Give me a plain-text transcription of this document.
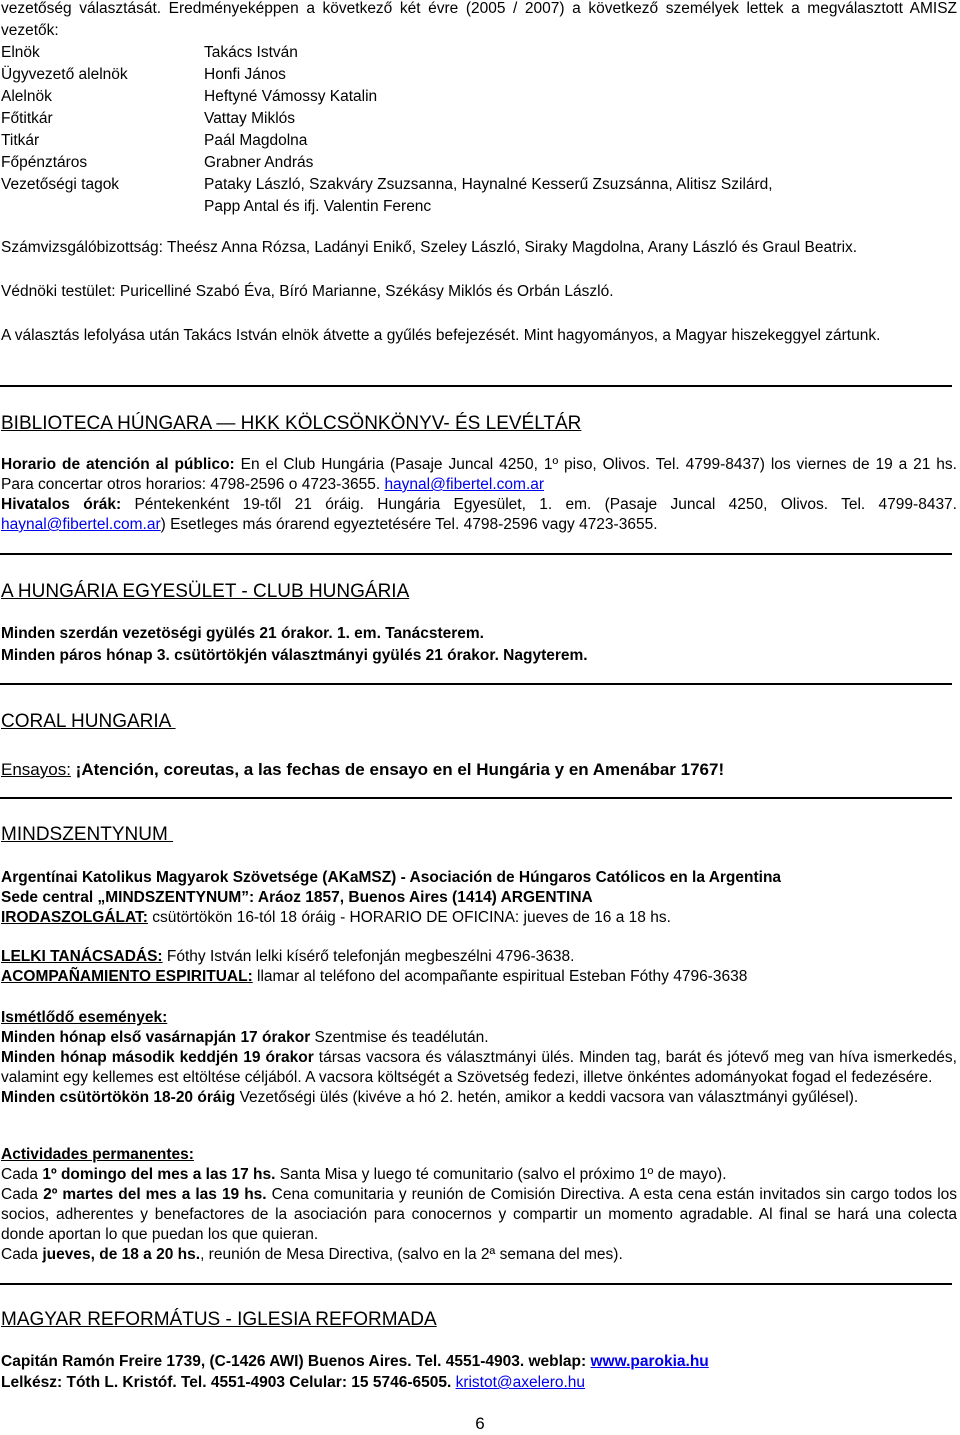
vezetőség választását. Eredményeképpen a következő két évre (2005 / 2007) a következő személyek lettek a megválasztott AMISZ vezetők:
Elnök	Takács István
Ügyvezető alelnök	Honfi János
Alelnök	Heftyné Vámossy Katalin
Főtitkár	Vattay Miklós
Titkár	Paál Magdolna
Főpénztáros	Grabner András
Vezetőségi tagok	Pataky László, Szakváry Zsuzsanna, Haynalné Kesserű Zsuzsánna, Alitisz Szilárd,
Papp Antal és ifj. Valentin Ferenc
Számvizsgálóbizottság: Theész Anna Rózsa, Ladányi Enikő, Szeley László, Siraky Magdolna, Arany László és Graul Beatrix.
Védnöki testület: Puricelliné Szabó Éva, Bíró Marianne, Székásy Miklós és Orbán László.
A választás lefolyása után Takács István elnök átvette a gyűlés befejezését. Mint hagyományos, a Magyar hiszekeggyel zártunk.
BIBLIOTECA HÚNGARA — HKK KÖLCSÖNKÖNYV- ÉS LEVÉLTÁR
Horario de atención al público: En el Club Hungária (Pasaje Juncal 4250, 1º piso, Olivos. Tel. 4799-8437) los viernes de 19 a 21 hs. Para concertar otros horarios: 4798-2596 o 4723-3655. haynal@fibertel.com.ar
Hivatalos órák: Péntekenként 19-től 21 óráig. Hungária Egyesület, 1. em. (Pasaje Juncal 4250, Olivos. Tel. 4799-8437. haynal@fibertel.com.ar) Esetleges más órarend egyeztetésére Tel. 4798-2596 vagy 4723-3655.
A HUNGÁRIA EGYESÜLET - CLUB HUNGÁRIA
Minden szerdán vezetöségi gyülés 21 órakor. 1. em. Tanácsterem.
Minden páros hónap 3. csütörtökjén választmányi gyülés 21 órakor. Nagyterem.
CORAL HUNGARIA
Ensayos: ¡Atención, coreutas, a las fechas de ensayo en el Hungária y en Amenábar 1767!
MINDSZENTYNUM
Argentínai Katolikus Magyarok Szövetsége (AKaMSZ) - Asociación de Húngaros Católicos en la Argentina
Sede central „MINDSZENTYNUM”: Aráoz 1857, Buenos Aires (1414) ARGENTINA
IRODASZOLGÁLAT: csütörtökön 16-tól 18 óráig - HORARIO DE OFICINA: jueves de 16 a 18 hs.
LELKI TANÁCSADÁS: Fóthy István lelki kísérő telefonján megbeszélni 4796-3638.
ACOMPAÑAMIENTO ESPIRITUAL: llamar al teléfono del acompañante espiritual Esteban Fóthy 4796-3638
Ismétlődő események:
Minden hónap első vasárnapján 17 órakor Szentmise és teadélután.
Minden hónap második keddjén 19 órakor társas vacsora és választmányi ülés. Minden tag, barát és jótevő meg van híva ismerkedés, valamint egy kellemes est eltöltése céljából. A vacsora költségét a Szövetség fedezi, illetve önkéntes adományokat fogad el fedezésére.
Minden csütörtökön 18-20 óráig Vezetőségi ülés (kivéve a hó 2. hetén, amikor a keddi vacsora van választmányi gyűlésel).
Actividades permanentes:
Cada 1º domingo del mes a las 17 hs. Santa Misa y luego té comunitario (salvo el próximo 1º de mayo).
Cada 2º martes del mes a las 19 hs. Cena comunitaria y reunión de Comisión Directiva. A esta cena están invitados sin cargo todos los socios, adherentes y benefactores de la asociación para conocernos y compartir un momento agradable. Al final se hará una colecta donde aportan lo que puedan los que quieran.
Cada jueves, de 18 a 20 hs., reunión de Mesa Directiva, (salvo en la 2ª semana del mes).
MAGYAR REFORMÁTUS - IGLESIA REFORMADA
Capitán Ramón Freire 1739, (C-1426 AWI) Buenos Aires. Tel. 4551-4903. weblap: www.parokia.hu
Lelkész: Tóth L. Kristóf. Tel. 4551-4903 Celular: 15 5746-6505. kristot@axelero.hu
6
